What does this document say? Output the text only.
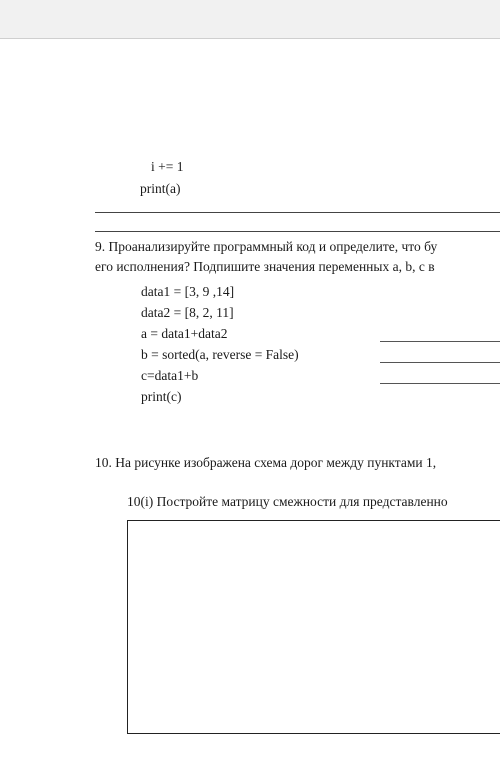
i += 1
print(a)
9. Проанализируйте программный код и определите, что бу
его исполнения? Подпишите значения переменных a, b, c в
data1 = [3, 9 ,14]
data2 = [8, 2, 11]
a = data1+data2
b = sorted(a, reverse = False)
c=data1+b
print(c)
10. На рисунке изображена схема дорог между пунктами 1,
10(i) Постройте матрицу смежности для представленно
